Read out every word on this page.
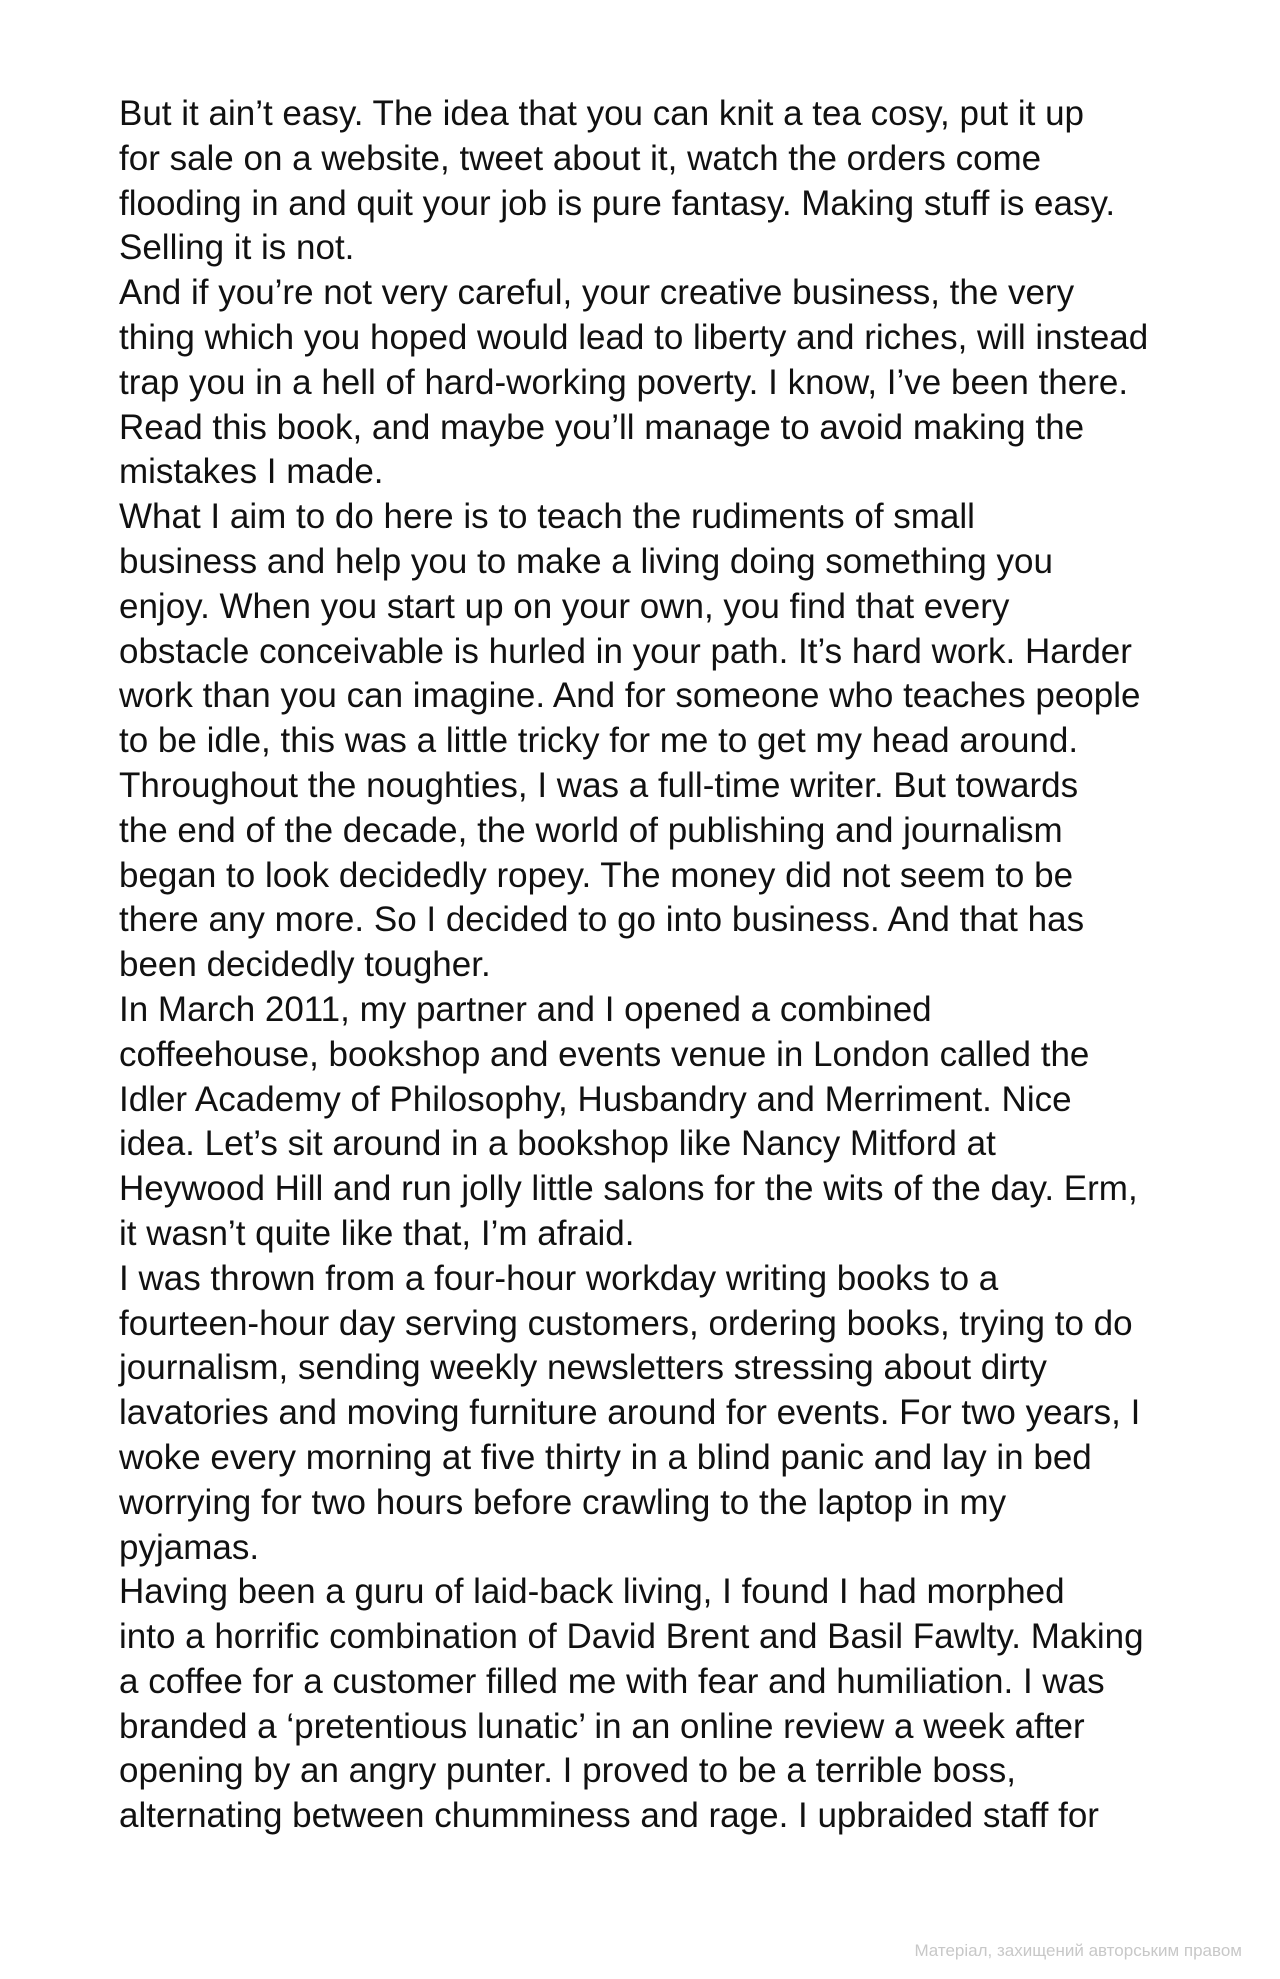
But it ain’t easy. The idea that you can knit a tea cosy, put it up
for sale on a website, tweet about it, watch the orders come
flooding in and quit your job is pure fantasy. Making stuff is easy.
Selling it is not.

And if you’re not very careful, your creative business, the very
thing which you hoped would lead to liberty and riches, will instead
trap you in a hell of hard-working poverty. I know, I’ve been there.
Read this book, and maybe you’ll manage to avoid making the
mistakes I made.

What I aim to do here is to teach the rudiments of small
business and help you to make a living doing something you
enjoy. When you start up on your own, you find that every
obstacle conceivable is hurled in your path. It’s hard work. Harder
work than you can imagine. And for someone who teaches people
to be idle, this was a little tricky for me to get my head around.

Throughout the noughties, I was a full-time writer. But towards
the end of the decade, the world of publishing and journalism
began to look decidedly ropey. The money did not seem to be
there any more. So I decided to go into business. And that has
been decidedly tougher.

In March 2011, my partner and I opened a combined
coffeehouse, bookshop and events venue in London called the
Idler Academy of Philosophy, Husbandry and Merriment. Nice
idea. Let’s sit around in a bookshop like Nancy Mitford at
Heywood Hill and run jolly little salons for the wits of the day. Erm,
it wasn’t quite like that, I’m afraid.

I was thrown from a four-hour workday writing books to a
fourteen-hour day serving customers, ordering books, trying to do
journalism, sending weekly newsletters stressing about dirty
lavatories and moving furniture around for events. For two years, I
woke every morning at five thirty in a blind panic and lay in bed
worrying for two hours before crawling to the laptop in my
pyjamas.

Having been a guru of laid-back living, I found I had morphed
into a horrific combination of David Brent and Basil Fawlty. Making
a coffee for a customer filled me with fear and humiliation. I was
branded a ‘pretentious lunatic’ in an online review a week after
opening by an angry punter. I proved to be a terrible boss,
alternating between chumminess and rage. I upbraided staff for

Матеріал, захищений авторським правом
